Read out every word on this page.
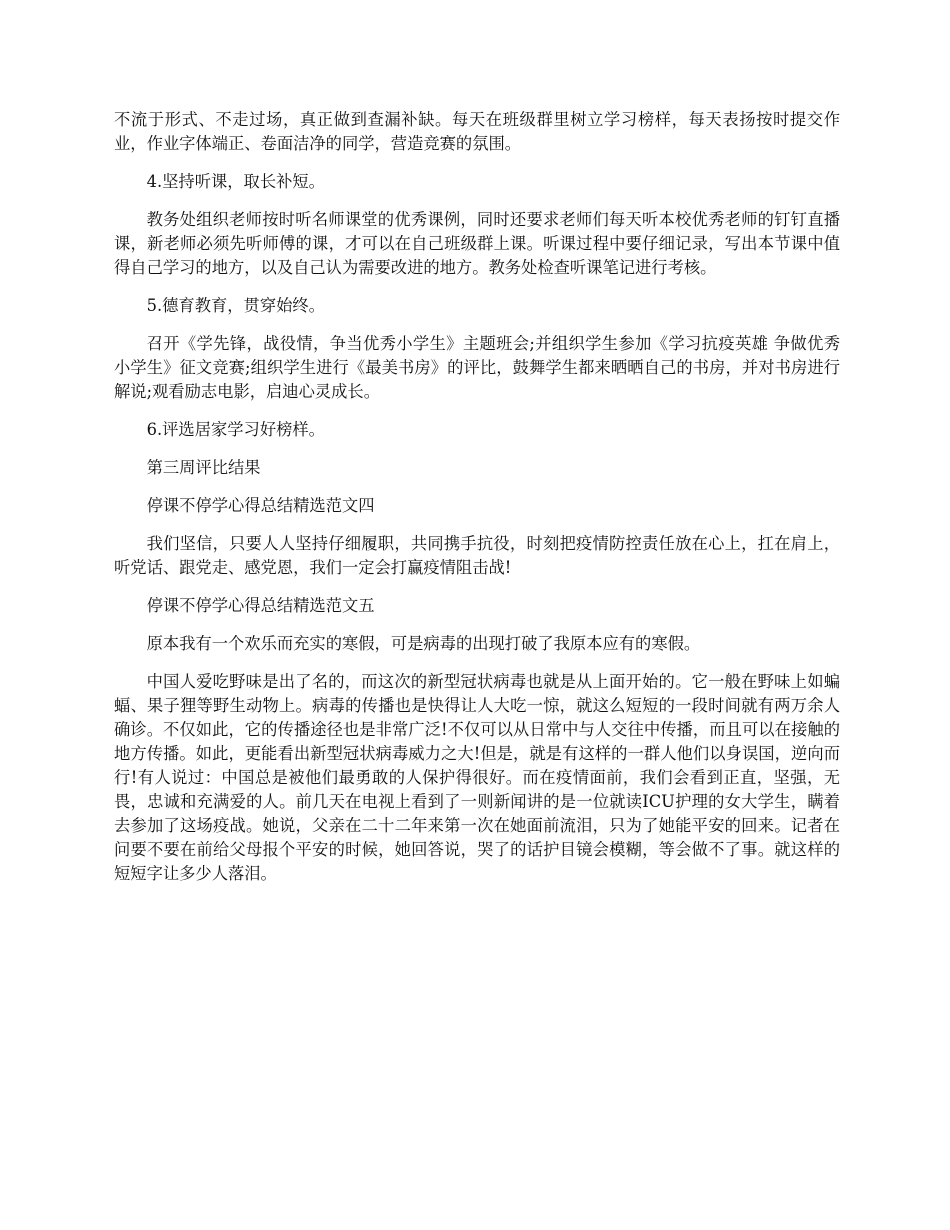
不流于形式、不走过场，真正做到查漏补缺。每天在班级群里树立学习榜样，每天表扬按时提交作业，作业字体端正、卷面洁净的同学，营造竞赛的氛围。

4.坚持听课，取长补短。

教务处组织老师按时听名师课堂的优秀课例，同时还要求老师们每天听本校优秀老师的钉钉直播课，新老师必须先听师傅的课，才可以在自己班级群上课。听课过程中要仔细记录，写出本节课中值得自己学习的地方，以及自己认为需要改进的地方。教务处检查听课笔记进行考核。

5.德育教育，贯穿始终。

召开《学先锋，战役情，争当优秀小学生》主题班会;并组织学生参加《学习抗疫英雄 争做优秀小学生》征文竞赛;组织学生进行《最美书房》的评比，鼓舞学生都来晒晒自己的书房，并对书房进行解说;观看励志电影，启迪心灵成长。

6.评选居家学习好榜样。

第三周评比结果

停课不停学心得总结精选范文四

我们坚信，只要人人坚持仔细履职，共同携手抗役，时刻把疫情防控责任放在心上，扛在肩上，听党话、跟党走、感党恩，我们一定会打赢疫情阻击战!

停课不停学心得总结精选范文五

原本我有一个欢乐而充实的寒假，可是病毒的出现打破了我原本应有的寒假。

中国人爱吃野味是出了名的，而这次的新型冠状病毒也就是从上面开始的。它一般在野味上如蝙蝠、果子狸等野生动物上。病毒的传播也是快得让人大吃一惊，就这么短短的一段时间就有两万余人确诊。不仅如此，它的传播途径也是非常广泛!不仅可以从日常中与人交往中传播，而且可以在接触的地方传播。如此，更能看出新型冠状病毒威力之大!但是，就是有这样的一群人他们以身误国，逆向而行!有人说过：中国总是被他们最勇敢的人保护得很好。而在疫情面前，我们会看到正直，坚强，无畏，忠诚和充满爱的人。前几天在电视上看到了一则新闻讲的是一位就读ICU护理的女大学生，瞒着去参加了这场疫战。她说，父亲在二十二年来第一次在她面前流泪，只为了她能平安的回来。记者在问要不要在前给父母报个平安的时候，她回答说，哭了的话护目镜会模糊，等会做不了事。就这样的短短字让多少人落泪。
